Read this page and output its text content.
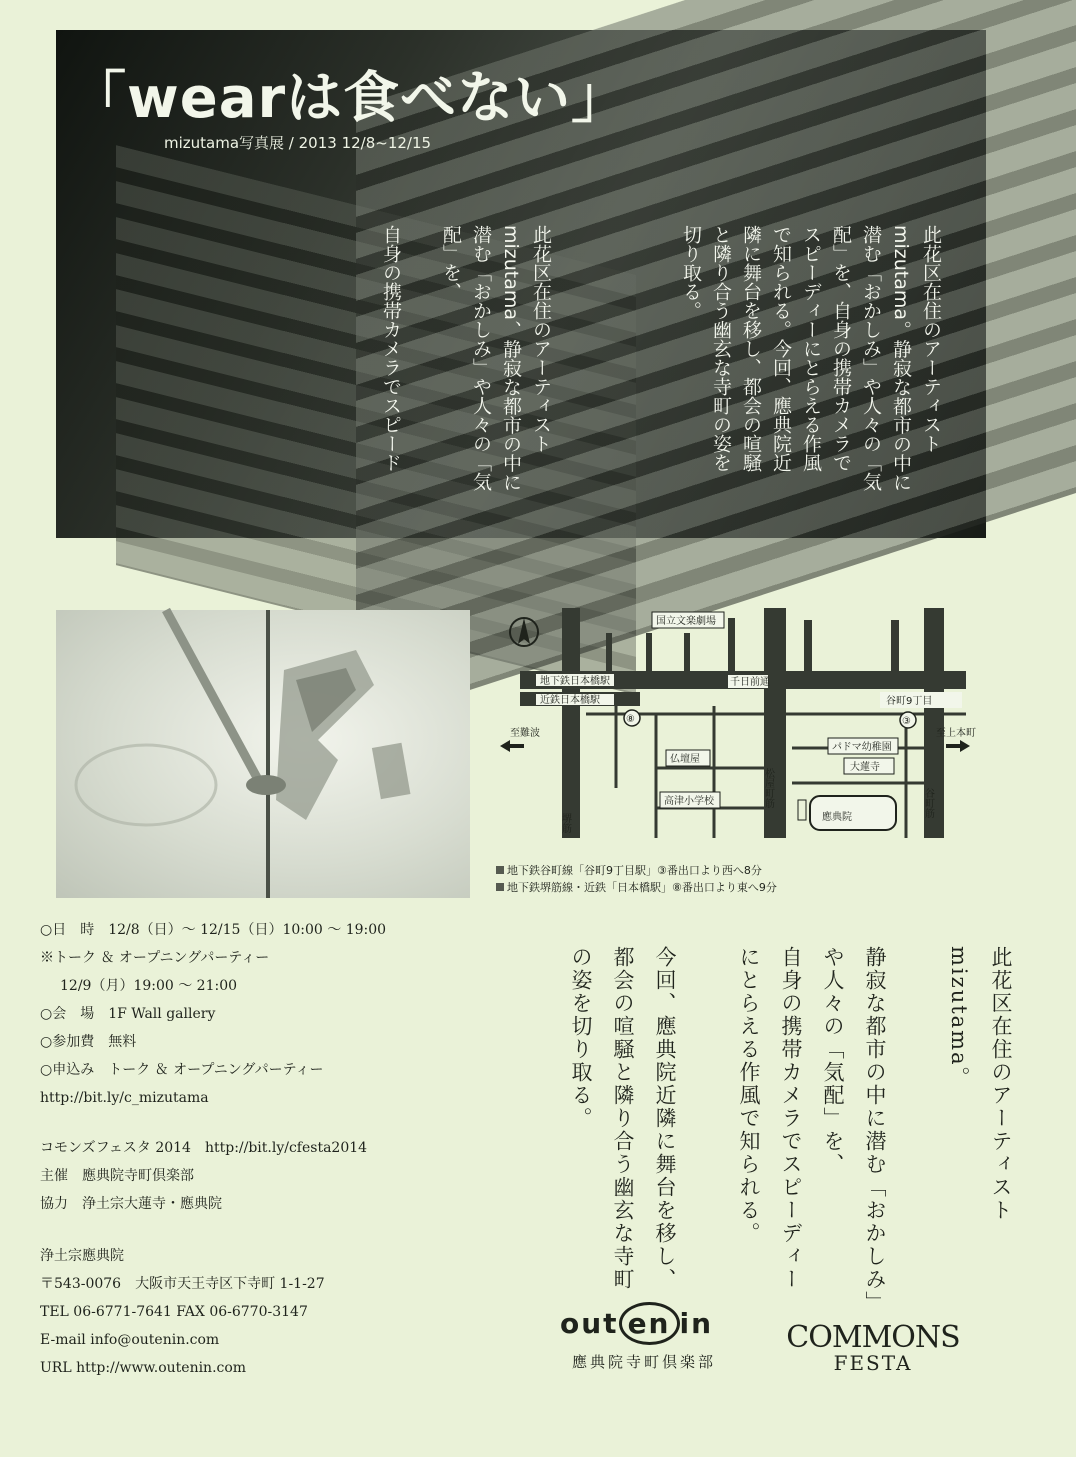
「wearは食べない」
mizutama写真展 / 2013 12/8~12/15
此花区在住のアーティスト
mizutama。静寂な都市の中に
潜む「おかしみ」や人々の「気
配」を、自身の携帯カメラで
スピーディーにとらえる作風
で知られる。今回、應典院近
隣に舞台を移し、都会の喧騒
と隣り合う幽玄な寺町の姿を
切り取る。
此花区在住のアーティスト
mizutama、静寂な都市の中に
潜む「おかしみ」や人々の「気
配」を、

自身の携帯カメラでスピード
地下鉄日本橋駅
近鉄日本橋駅	谷町9丁目
⑧	③
千日前通
堺筋
松屋町筋	谷町筋
国立文楽劇場
仏壇屋
パドマ幼稚園
大蓮寺
高津小学校
應典院
至難波	至上本町
地下鉄谷町線「谷町9丁目駅」③番出口より西へ8分
地下鉄堺筋線・近鉄「日本橋駅」⑧番出口より東へ9分
○日　時　12/8（日）～ 12/15（日）10:00 ～ 19:00
※トーク ＆ オープニングパーティー
12/9（月）19:00 ～ 21:00
○会　場　1F Wall gallery
○参加費　無料
○申込み　トーク ＆ オープニングパーティー
http://bit.ly/c_mizutama
コモンズフェスタ 2014　http://bit.ly/cfesta2014
主催　應典院寺町倶楽部
協力　浄土宗大蓮寺・應典院
浄土宗應典院
〒543-0076　大阪市天王寺区下寺町 1-1-27
TEL 06-6771-7641 FAX 06-6770-3147
E-mail info@outenin.com
URL http://www.outenin.com
此花区在住のアーティスト
mizutama。

静寂な都市の中に潜む「おかしみ」
や人々の「気配」を、
自身の携帯カメラでスピーディー
にとらえる作風で知られる。

今回、應典院近隣に舞台を移し、
都会の喧騒と隣り合う幽玄な寺町
の姿を切り取る。
out en in
應典院寺町倶楽部
COMMONS
FESTA
